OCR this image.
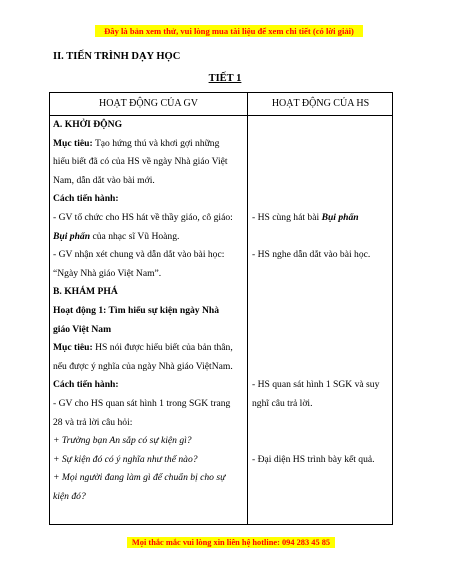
Đây là bản xem thử, vui lòng mua tài liệu để xem chi tiết (có lời giải)
II. TIẾN TRÌNH DẠY HỌC
TIẾT 1
HOẠT ĐỘNG CỦA GV	HOẠT ĐỘNG CỦA HS

A. KHỞI ĐỘNG

Mục tiêu: Tạo hứng thú và khơi gợi những

hiểu biết đã có của HS về ngày Nhà giáo Việt

Nam, dẫn dắt vào bài mới.

Cách tiến hành:

- GV tổ chức cho HS hát về thầy giáo, cô giáo:

Bụi phấn của nhạc sĩ Vũ Hoàng.

- GV nhận xét chung và dẫn dắt vào bài học:

“Ngày Nhà giáo Việt Nam”.

B. KHÁM PHÁ

Hoạt động 1: Tìm hiểu sự kiện ngày Nhà

giáo Việt Nam

Mục tiêu: HS nói được hiểu biết của bản thân,

nếu được ý nghĩa của ngày Nhà giáo ViệtNam.

Cách tiến hành:

- GV cho HS quan sát hình 1 trong SGK trang

28 và trả lời câu hỏi:

+ Trường bạn An sắp có sự kiện gì?

+ Sự kiện đó có ý nghĩa như thế nào?

+ Mọi người đang làm gì để chuẩn bị cho sự

kiện đó?

- HS cùng hát bài Bụi phấn

- HS nghe dẫn dắt vào bài học.

- HS quan sát hình 1 SGK và suy

nghĩ câu trả lời.

- Đại diện HS trình bày kết quả.

Mọi thắc mắc vui lòng xin liên hệ hotline: 094 283 45 85
